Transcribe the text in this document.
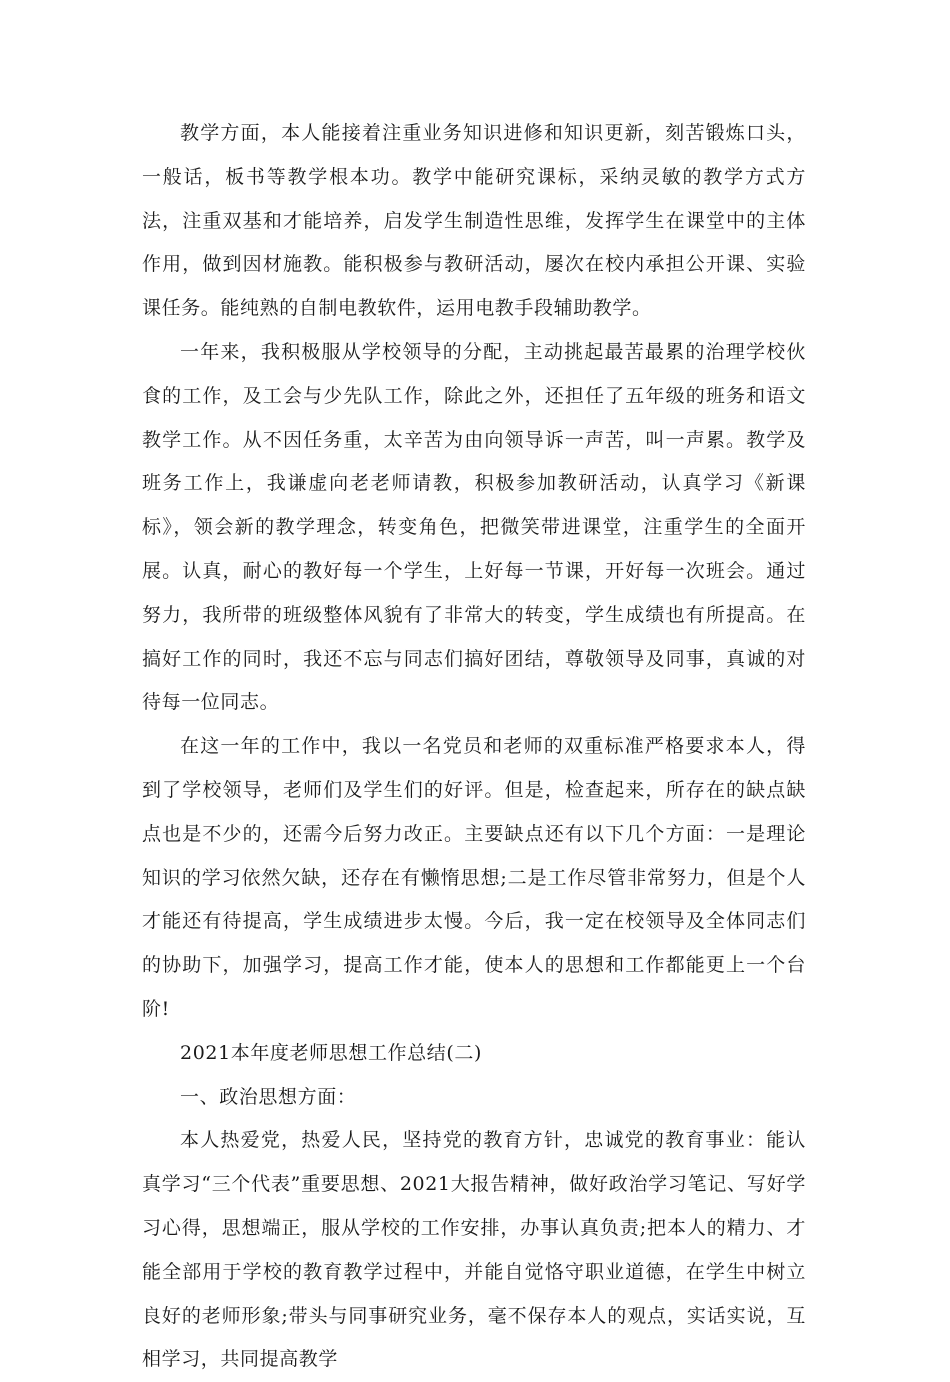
教学方面，本人能接着注重业务知识进修和知识更新，刻苦锻炼口头，一般话，板书等教学根本功。教学中能研究课标，采纳灵敏的教学方式方法，注重双基和才能培养，启发学生制造性思维，发挥学生在课堂中的主体作用，做到因材施教。能积极参与教研活动，屡次在校内承担公开课、实验课任务。能纯熟的自制电教软件，运用电教手段辅助教学。

一年来，我积极服从学校领导的分配，主动挑起最苦最累的治理学校伙食的工作，及工会与少先队工作，除此之外，还担任了五年级的班务和语文教学工作。从不因任务重，太辛苦为由向领导诉一声苦，叫一声累。教学及班务工作上，我谦虚向老老师请教，积极参加教研活动，认真学习《新课标》，领会新的教学理念，转变角色，把微笑带进课堂，注重学生的全面开展。认真，耐心的教好每一个学生，上好每一节课，开好每一次班会。通过努力，我所带的班级整体风貌有了非常大的转变，学生成绩也有所提高。在搞好工作的同时，我还不忘与同志们搞好团结，尊敬领导及同事，真诚的对待每一位同志。

在这一年的工作中，我以一名党员和老师的双重标准严格要求本人，得到了学校领导，老师们及学生们的好评。但是，检查起来，所存在的缺点缺点也是不少的，还需今后努力改正。主要缺点还有以下几个方面：一是理论知识的学习依然欠缺，还存在有懒惰思想;二是工作尽管非常努力，但是个人才能还有待提高，学生成绩进步太慢。今后，我一定在校领导及全体同志们的协助下，加强学习，提高工作才能，使本人的思想和工作都能更上一个台阶!

2021本年度老师思想工作总结(二)

一、政治思想方面：

本人热爱党，热爱人民，坚持党的教育方针，忠诚党的教育事业：能认真学习“三个代表”重要思想、2021大报告精神，做好政治学习笔记、写好学习心得，思想端正，服从学校的工作安排，办事认真负责;把本人的精力、才能全部用于学校的教育教学过程中，并能自觉恪守职业道德，在学生中树立良好的老师形象;带头与同事研究业务，毫不保存本人的观点，实话实说，互相学习，共同提高教学
